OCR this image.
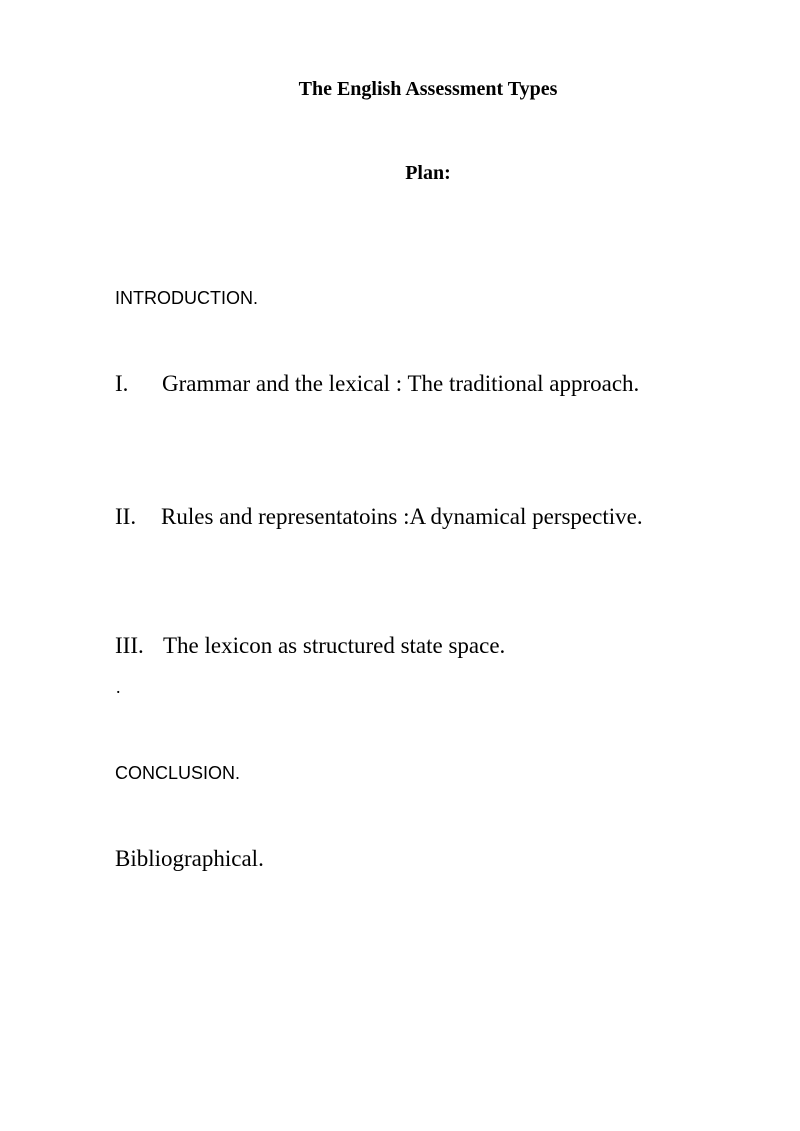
The English Assessment Types
Plan:
INTRODUCTION.
I. Grammar and the lexical : The traditional approach.
II. Rules and representatoins :A dynamical perspective.
III. The lexicon as structured state space.
.
CONCLUSION.
Bibliographical.
